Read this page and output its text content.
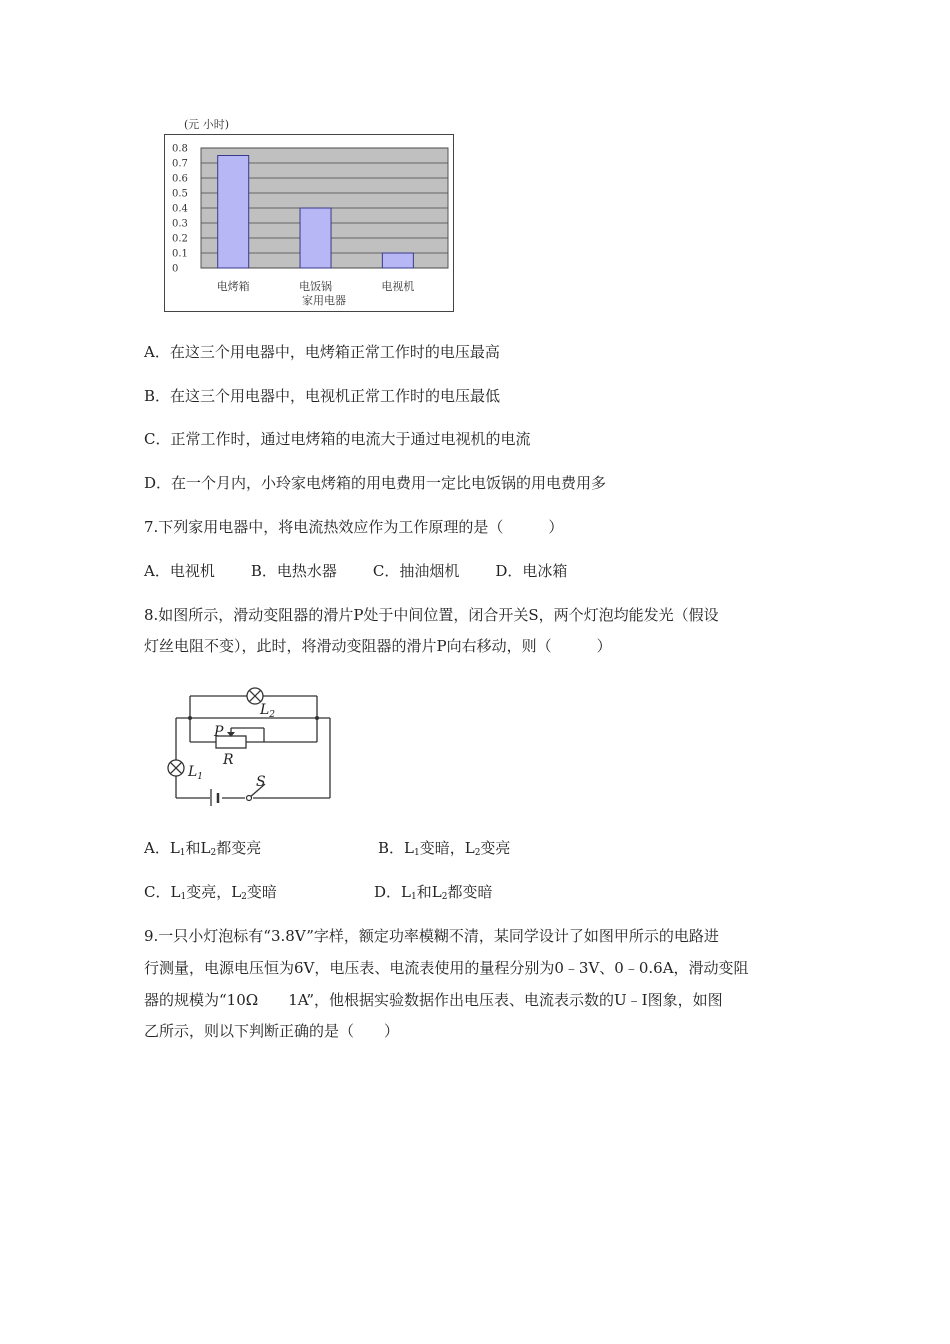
(元 小时)
0.8
0.7
0.6
0.5
0.4
0.3
0.2
0.1
0
电烤箱	电饭锅	电视机
家用电器
A．在这三个用电器中，电烤箱正常工作时的电压最高
B．在这三个用电器中，电视机正常工作时的电压最低
C．正常工作时，通过电烤箱的电流大于通过电视机的电流
D．在一个月内，小玲家电烤箱的用电费用一定比电饭锅的用电费用多
7.下列家用电器中，将电流热效应作为工作原理的是（　　　）
A．电视机 B．电热水器 C．抽油烟机 D．电冰箱
8.如图所示，滑动变阻器的滑片P处于中间位置，闭合开关S，两个灯泡均能发光（假设
灯丝电阻不变），此时，将滑动变阻器的滑片P向右移动，则（　　　）
$L_2$
$L_1$
P
R
S
A．$L_1$和$L_2$都变亮	B．$L_1$变暗，$L_2$变亮
C．$L_1$变亮，$L_2$变暗	D．$L_1$和$L_2$都变暗
9.一只小灯泡标有“3.8V”字样，额定功率模糊不清，某同学设计了如图甲所示的电路进
行测量，电源电压恒为6V，电压表、电流表使用的量程分别为0﹣3V、0﹣0.6A，滑动变阻
器的规模为“10Ω　　1A”，他根据实验数据作出电压表、电流表示数的U﹣I图象，如图
乙所示，则以下判断正确的是（　　）
